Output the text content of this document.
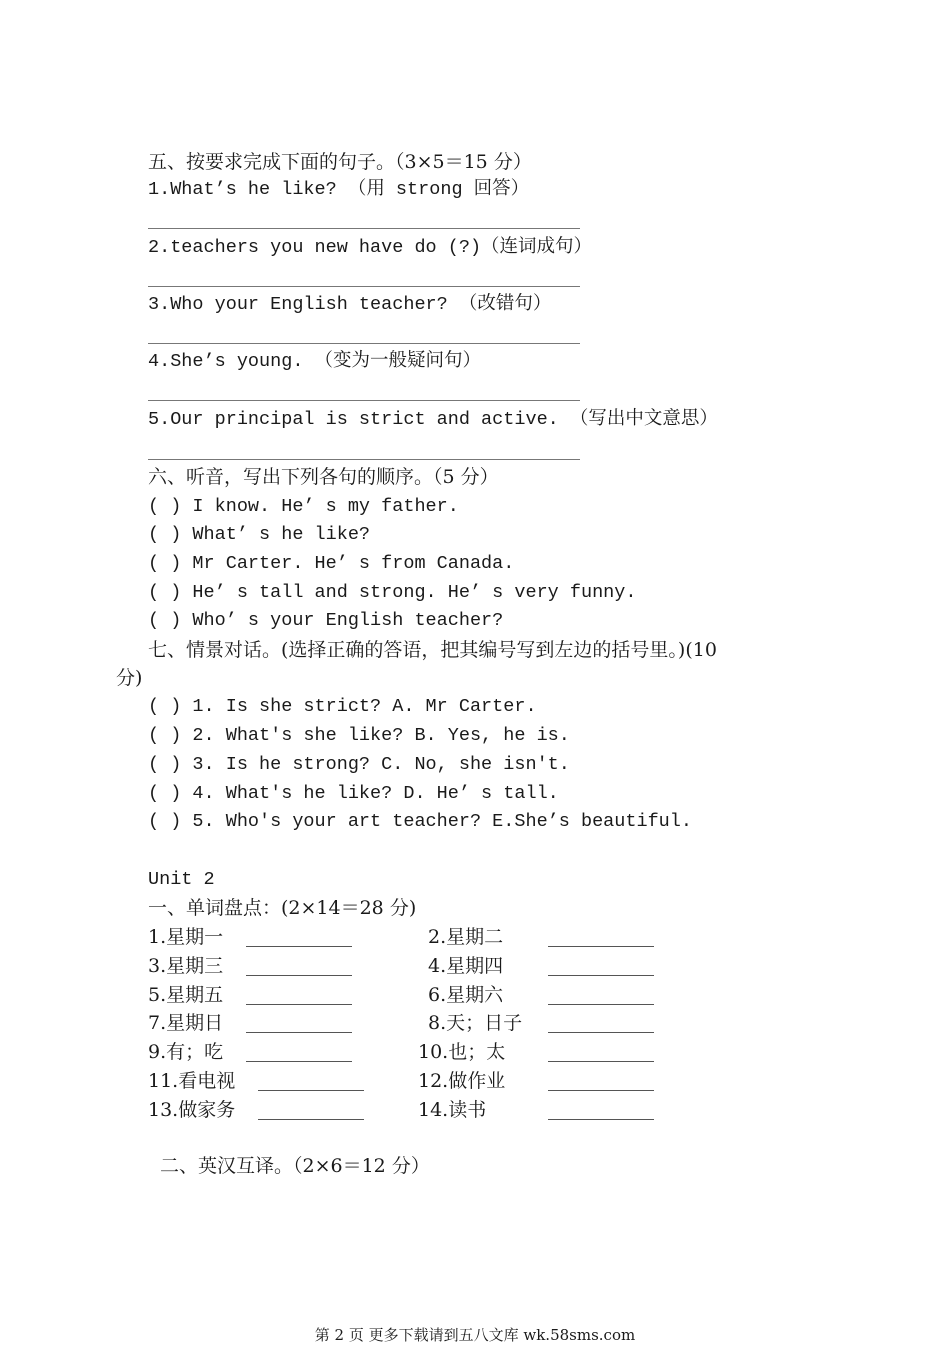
五、按要求完成下面的句子。（3×5＝15 分）
1.What’s he like? （用 strong 回答）
2.teachers you new have do (?)（连词成句）
3.Who your English teacher? （改错句）
4.She’s young. （变为一般疑问句）
5.Our principal is strict and active. （写出中文意思）
六、听音，写出下列各句的顺序。（5 分）
( ) I know. He’ s my father.
( ) What’ s he like?
( ) Mr Carter. He’ s from Canada.
( ) He’ s tall and strong. He’ s very funny.
( ) Who’ s your English teacher?
七、情景对话。(选择正确的答语，把其编号写到左边的括号里。)(10
分)
( ) 1. Is she strict? A. Mr Carter.
( ) 2. What's she like? B. Yes, he is.
( ) 3. Is he strong? C. No, she isn't.
( ) 4. What's he like? D. He’ s tall.
( ) 5. Who's your art teacher? E.She’s beautiful.
Unit 2
一、单词盘点：(2×14＝28 分)
1.星期一	2.星期二
3.星期三	4.星期四
5.星期五	6.星期六
7.星期日	8.天；日子
9.有；吃	10.也；太
11.看电视	12.做作业
13.做家务	14.读书
二、英汉互译。（2×6＝12 分）
第 2 页 更多下载请到五八文库 wk.58sms.com
